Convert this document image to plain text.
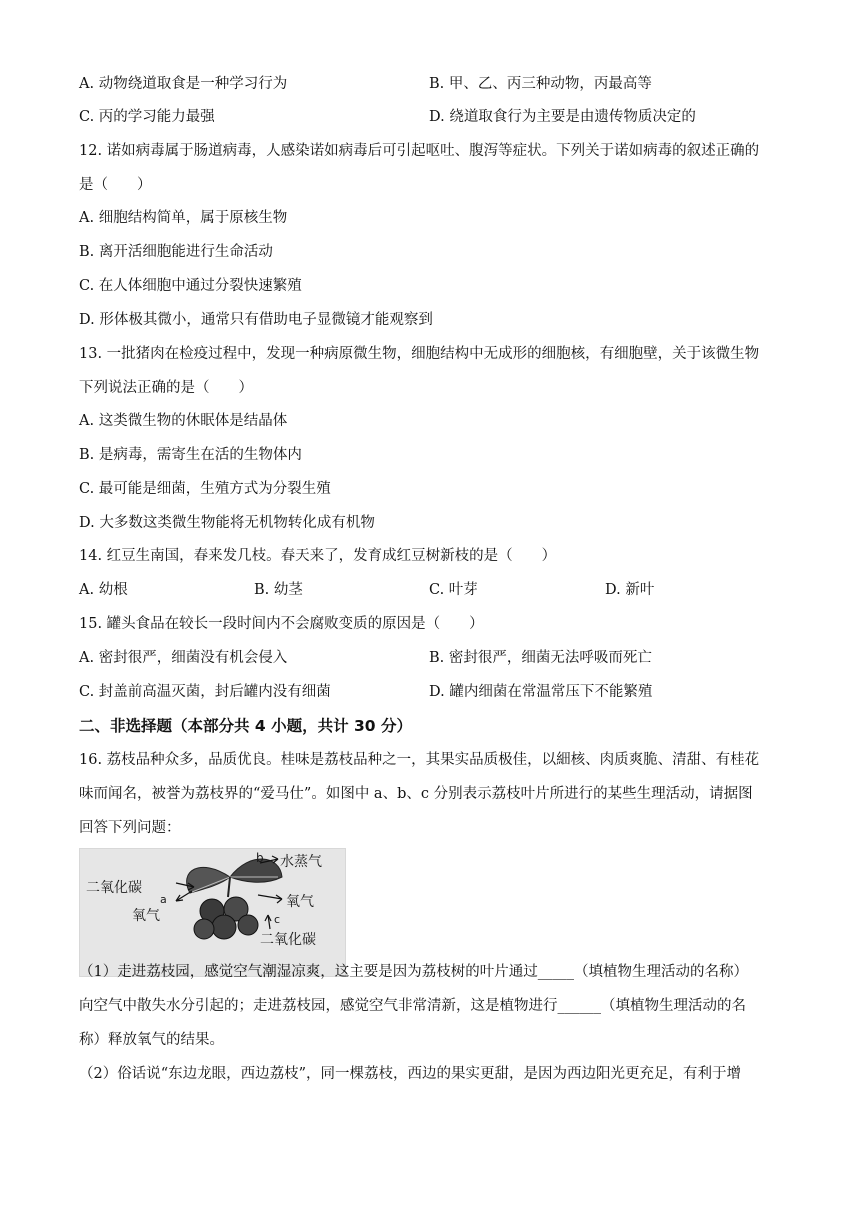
A. 动物绕道取食是一种学习行为	B. 甲、乙、丙三种动物，丙最高等
C. 丙的学习能力最强	D. 绕道取食行为主要是由遗传物质决定的
12. 诺如病毒属于肠道病毒，人感染诺如病毒后可引起呕吐、腹泻等症状。下列关于诺如病毒的叙述正确的
是（　　）
A. 细胞结构简单，属于原核生物
B. 离开活细胞能进行生命活动
C. 在人体细胞中通过分裂快速繁殖
D. 形体极其微小，通常只有借助电子显微镜才能观察到
13. 一批猪肉在检疫过程中，发现一种病原微生物，细胞结构中无成形的细胞核，有细胞壁，关于该微生物
下列说法正确的是（　　）
A. 这类微生物的休眠体是结晶体
B. 是病毒，需寄生在活的生物体内
C. 最可能是细菌，生殖方式为分裂生殖
D. 大多数这类微生物能将无机物转化成有机物
14. 红豆生南国，春来发几枝。春天来了，发育成红豆树新枝的是（　　）
A. 幼根	B. 幼茎	C. 叶芽	D. 新叶
15. 罐头食品在较长一段时间内不会腐败变质的原因是（　　）
A. 密封很严，细菌没有机会侵入	B. 密封很严，细菌无法呼吸而死亡
C. 封盖前高温灭菌，封后罐内没有细菌	D. 罐内细菌在常温常压下不能繁殖
二、非选择题（本部分共 4 小题，共计 30 分）
16. 荔枝品种众多，品质优良。桂味是荔枝品种之一，其果实品质极佳，以細核、肉质爽脆、清甜、有桂花
味而闻名，被誉为荔枝界的“爱马仕”。如图中 a、b、c 分别表示荔枝叶片所进行的某些生理活动，请据图
回答下列问题：
二氧化碳
a
氧气
b 水蒸气
氧气
c
二氧化碳
（1）走进荔枝园，感觉空气潮湿凉爽，这主要是因为荔枝树的叶片通过_____（填植物生理活动的名称）
向空气中散失水分引起的；走进荔枝园，感觉空气非常清新，这是植物进行______（填植物生理活动的名
称）释放氧气的结果。
（2）俗话说“东边龙眼，西边荔枝”，同一棵荔枝，西边的果实更甜，是因为西边阳光更充足，有利于增
